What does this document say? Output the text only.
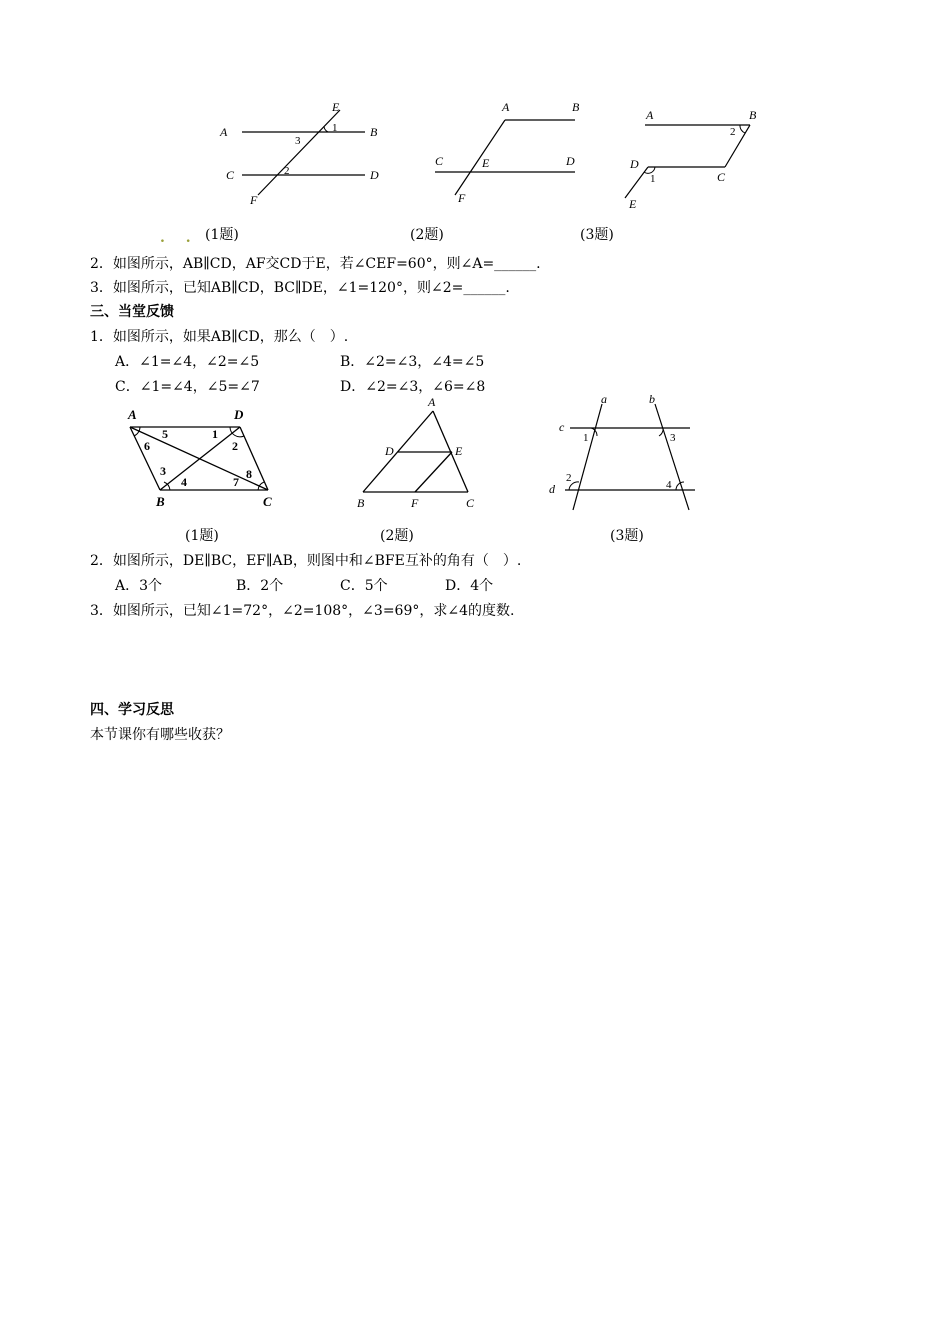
A	B
C	D
E
F
1
2
3
A	B
C	D
E
F
A	B
C
D
E
1
2
. . (1题)	(2题)	(3题)
2．如图所示，AB∥CD，AF交CD于E，若∠CEF=60°，则∠A=______.
3．如图所示，已知AB∥CD，BC∥DE，∠1=120°，则∠2=______.
三、当堂反馈
1．如图所示，如果AB∥CD，那么（　）.
A．∠1=∠4，∠2=∠5	B．∠2=∠3，∠4=∠5
C．∠1=∠4，∠5=∠7	D．∠2=∠3，∠6=∠8
A	D
B	C
1
2
3
4
5
6
7
8
A
D	E
B	F	C
a	b
c
d
1
2
3
4
(1题)	(2题)	(3题)
2．如图所示，DE∥BC，EF∥AB，则图中和∠BFE互补的角有（　）.
A．3个	B．2个	C．5个	D．4个
3．如图所示，已知∠1=72°，∠2=108°，∠3=69°，求∠4的度数.
四、学习反思
本节课你有哪些收获？
